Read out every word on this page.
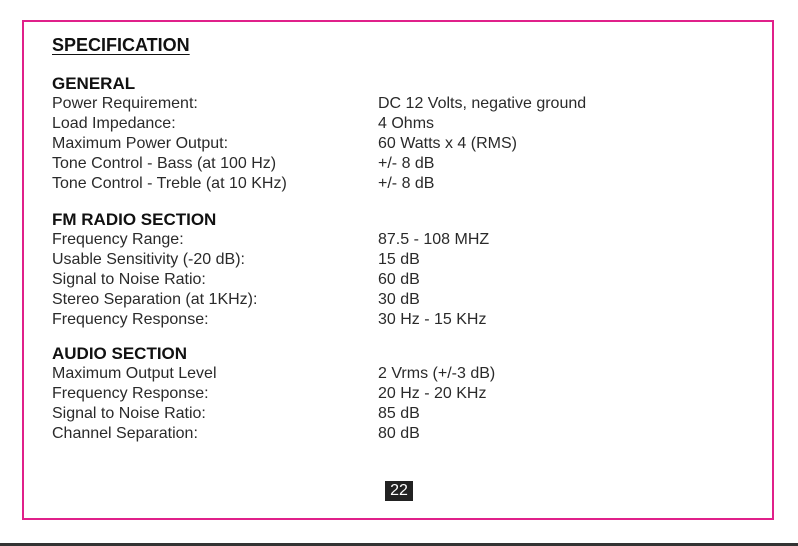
SPECIFICATION
GENERAL
Power Requirement:	DC 12 Volts, negative ground
Load Impedance:	4 Ohms
Maximum Power Output:	60 Watts x 4 (RMS)
Tone Control - Bass (at 100 Hz)	+/- 8 dB
Tone Control - Treble (at 10 KHz)	+/- 8 dB
FM RADIO SECTION
Frequency Range:	87.5 - 108 MHZ
Usable Sensitivity (-20 dB):	15 dB
Signal to Noise Ratio:	60 dB
Stereo Separation (at 1KHz):	30 dB
Frequency Response:	30 Hz - 15 KHz
AUDIO SECTION
Maximum Output Level	2 Vrms (+/-3 dB)
Frequency Response:	20 Hz - 20 KHz
Signal to Noise Ratio:	85 dB
Channel Separation:	80 dB
22
